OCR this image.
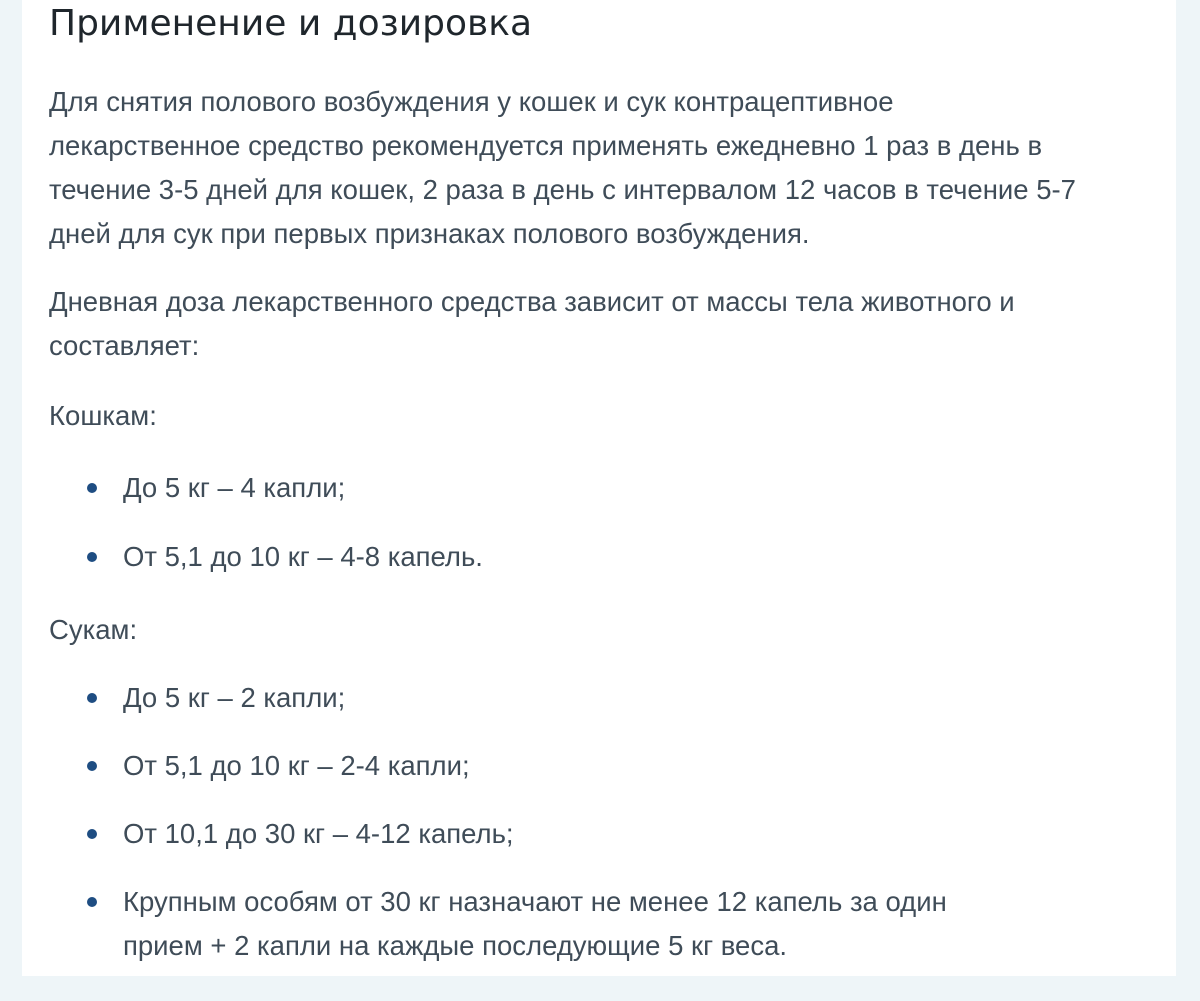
Применение и дозировка

Для снятия полового возбуждения у кошек и сук контрацептивное лекарственное средство рекомендуется применять ежедневно 1 раз в день в течение 3-5 дней для кошек, 2 раза в день с интервалом 12 часов в течение 5-7 дней для сук при первых признаках полового возбуждения.

Дневная доза лекарственного средства зависит от массы тела животного и составляет:

Кошкам:

До 5 кг – 4 капли;
От 5,1 до 10 кг – 4-8 капель.

Сукам:

До 5 кг – 2 капли;
От 5,1 до 10 кг – 2-4 капли;
От 10,1 до 30 кг – 4-12 капель;
Крупным особям от 30 кг назначают не менее 12 капель за один прием + 2 капли на каждые последующие 5 кг веса.
